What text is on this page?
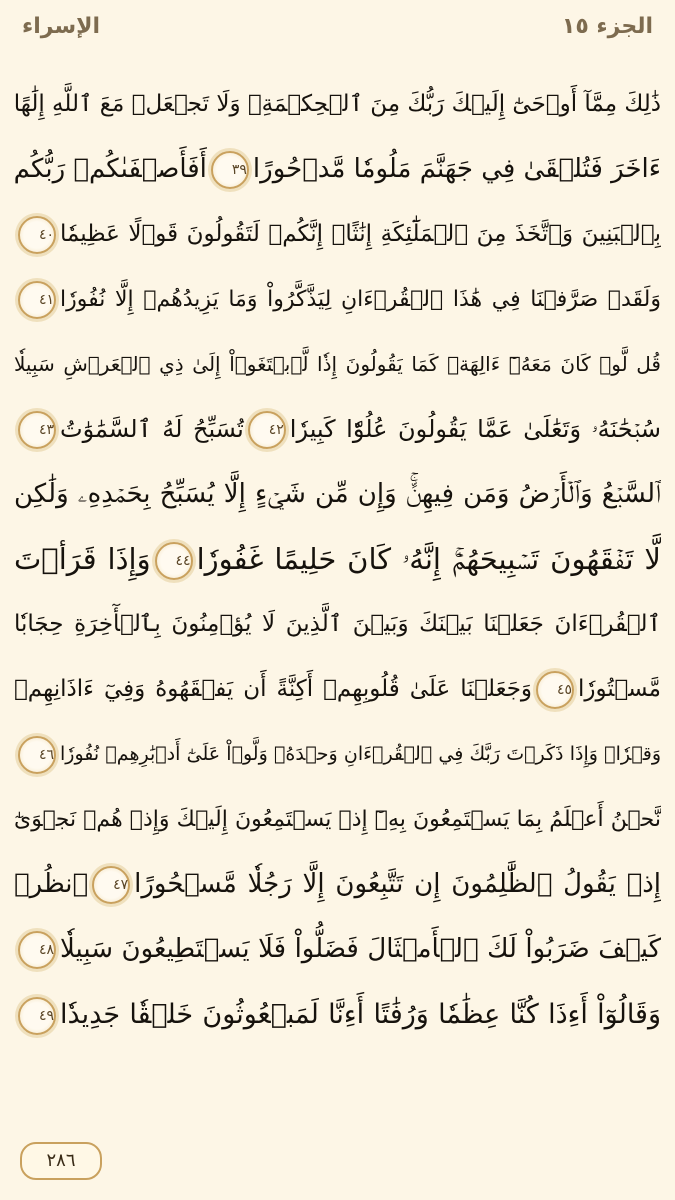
الجزء ١٥
الإسراء
ذَٰلِكَ مِمَّآ أَوۡحَىٰٓ إِلَيۡكَ رَبُّكَ مِنَ ٱلۡحِكۡمَةِۗ وَلَا تَجۡعَلۡ مَعَ ٱللَّهِ إِلَٰهًا
ءَاخَرَ فَتُلۡقَىٰ فِي جَهَنَّمَ مَلُومٗا مَّدۡحُورًا٣٩أَفَأَصۡفَىٰكُمۡ رَبُّكُم
بِٱلۡبَنِينَ وَٱتَّخَذَ مِنَ ٱلۡمَلَٰٓئِكَةِ إِنَٰثًاۚ إِنَّكُمۡ لَتَقُولُونَ قَوۡلًا عَظِيمٗا٤٠
وَلَقَدۡ صَرَّفۡنَا فِي هَٰذَا ٱلۡقُرۡءَانِ لِيَذَّكَّرُواْ وَمَا يَزِيدُهُمۡ إِلَّا نُفُورٗا٤١
قُل لَّوۡ كَانَ مَعَهُۥٓ ءَالِهَةٞ كَمَا يَقُولُونَ إِذٗا لَّٱبۡتَغَوۡاْ إِلَىٰ ذِي ٱلۡعَرۡشِ سَبِيلٗا
سُبۡحَٰنَهُۥ وَتَعَٰلَىٰ عَمَّا يَقُولُونَ عُلُوّٗا كَبِيرٗا٤٢تُسَبِّحُ لَهُ ٱلسَّمَٰوَٰتُ٤٣
ٱلسَّبۡعُ وَٱلۡأَرۡضُ وَمَن فِيهِنَّۚ وَإِن مِّن شَيۡءٍ إِلَّا يُسَبِّحُ بِحَمۡدِهِۦ وَلَٰكِن
لَّا تَفۡقَهُونَ تَسۡبِيحَهُمۡۚ إِنَّهُۥ كَانَ حَلِيمًا غَفُورٗا٤٤وَإِذَا قَرَأۡتَ
ٱلۡقُرۡءَانَ جَعَلۡنَا بَيۡنَكَ وَبَيۡنَ ٱلَّذِينَ لَا يُؤۡمِنُونَ بِٱلۡأٓخِرَةِ حِجَابٗا
مَّسۡتُورٗا٤٥وَجَعَلۡنَا عَلَىٰ قُلُوبِهِمۡ أَكِنَّةً أَن يَفۡقَهُوهُ وَفِيٓ ءَاذَانِهِمۡ
وَقۡرٗاۚ وَإِذَا ذَكَرۡتَ رَبَّكَ فِي ٱلۡقُرۡءَانِ وَحۡدَهُۥ وَلَّوۡاْ عَلَىٰٓ أَدۡبَٰرِهِمۡ نُفُورٗا٤٦
نَّحۡنُ أَعۡلَمُ بِمَا يَسۡتَمِعُونَ بِهِۦٓ إِذۡ يَسۡتَمِعُونَ إِلَيۡكَ وَإِذۡ هُمۡ نَجۡوَىٰٓ
إِذۡ يَقُولُ ٱلظَّٰلِمُونَ إِن تَتَّبِعُونَ إِلَّا رَجُلٗا مَّسۡحُورًا٤٧ٱنظُرۡ
كَيۡفَ ضَرَبُواْ لَكَ ٱلۡأَمۡثَالَ فَضَلُّواْ فَلَا يَسۡتَطِيعُونَ سَبِيلٗا٤٨
وَقَالُوٓاْ أَءِذَا كُنَّا عِظَٰمٗا وَرُفَٰتًا أَءِنَّا لَمَبۡعُوثُونَ خَلۡقٗا جَدِيدٗا٤٩
٢٨٦
